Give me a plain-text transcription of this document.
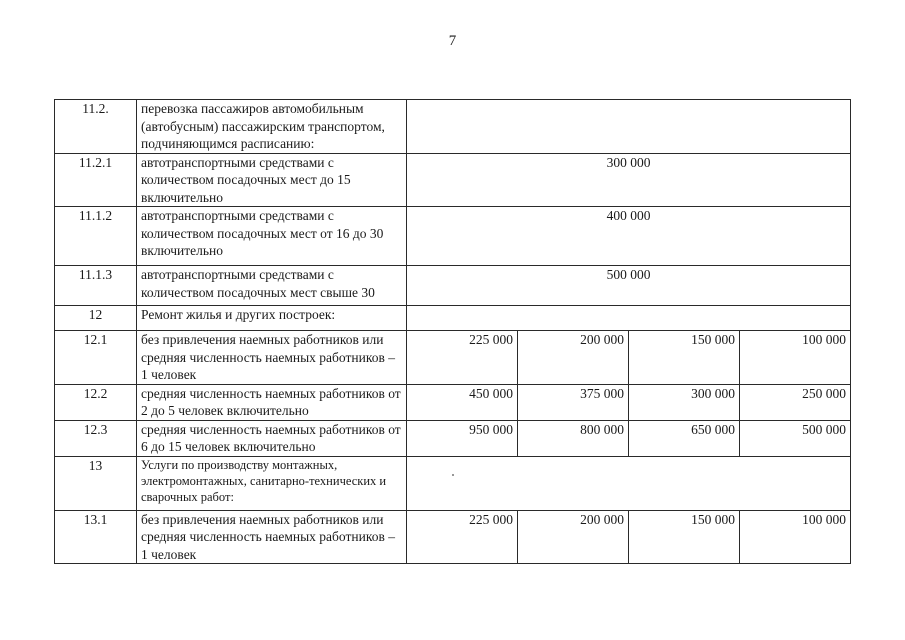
7
11.2.	перевозка пассажиров автомобильным (автобусным) пассажирским транспортом, подчиняющимся расписанию:				
11.2.1	автотранспортными средствами с количеством посадочных мест до 15 включительно	300 000			
11.1.2	автотранспортными средствами с количеством посадочных мест от 16 до 30 включительно	400 000			
11.1.3	автотранспортными средствами с количеством посадочных мест свыше 30	500 000			
12	Ремонт жилья и других построек:				
12.1	без привлечения наемных работников или средняя численность наемных работников – 1 человек	225 000	200 000	150 000	100 000
12.2	средняя численность наемных работников от 2 до 5 человек включительно	450 000	375 000	300 000	250 000
12.3	средняя численность наемных работников от 6 до 15 человек включительно	950 000	800 000	650 000	500 000
13	Услуги по производству монтажных, электромонтажных, санитарно-технических и сварочных работ:				
13.1	без привлечения наемных работников или средняя численность наемных работников – 1 человек	225 000	200 000	150 000	100 000
